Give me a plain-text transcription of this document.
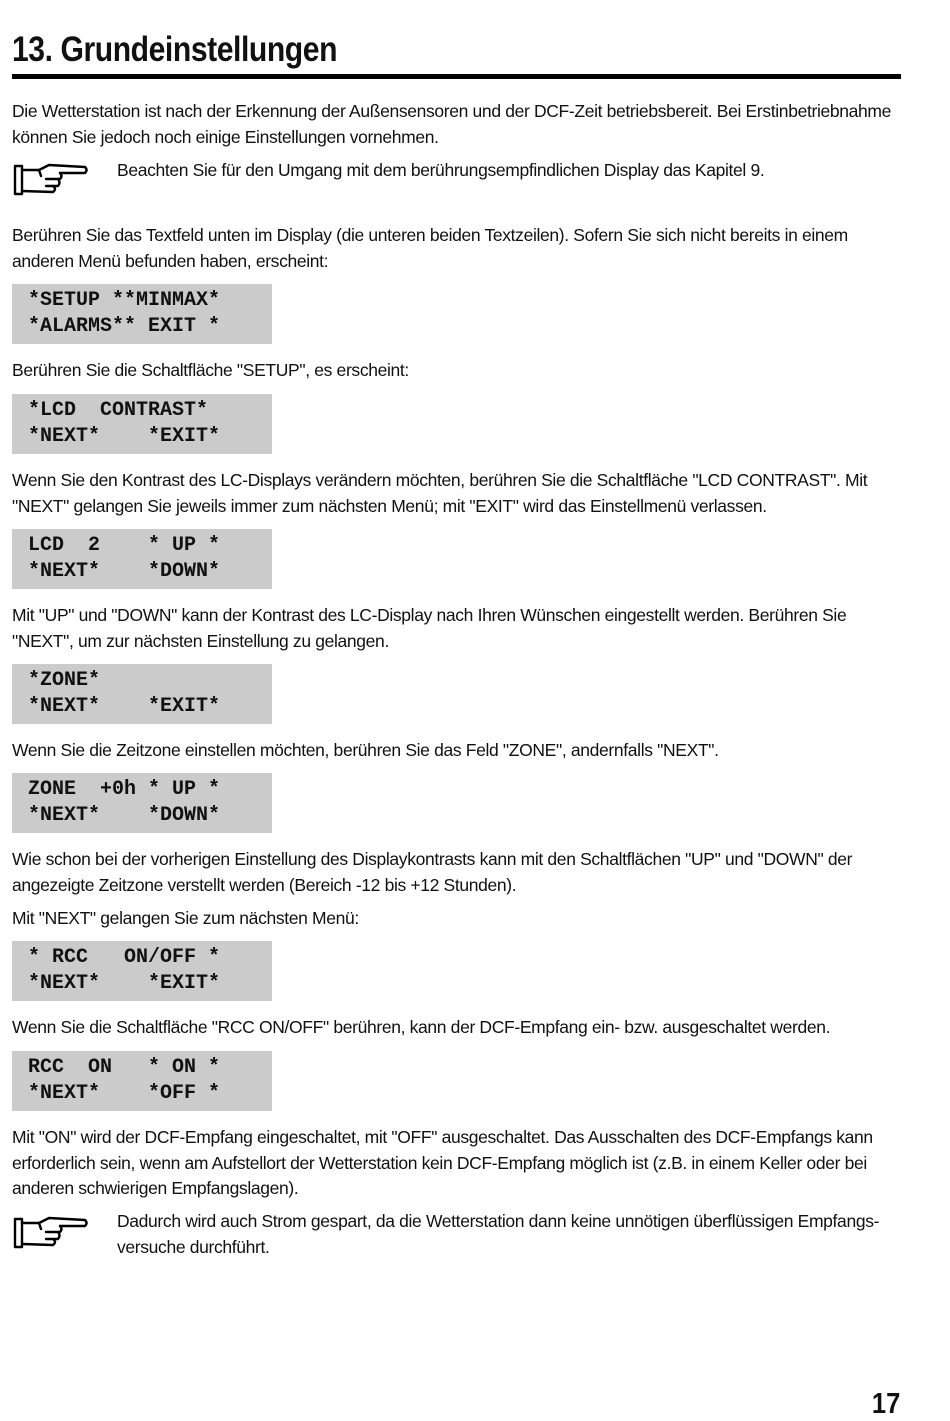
13. Grundeinstellungen

Die Wetterstation ist nach der Erkennung der Außensensoren und der DCF-Zeit betriebsbereit. Bei Erstinbetriebnahme können Sie jedoch noch einige Einstellungen vornehmen.

Beachten Sie für den Umgang mit dem berührungsempfindlichen Display das Kapitel 9.

Berühren Sie das Textfeld unten im Display (die unteren beiden Textzeilen). Sofern Sie sich nicht bereits in einem anderen Menü befunden haben, erscheint:

*SETUP **MINMAX*
*ALARMS** EXIT *

Berühren Sie die Schaltfläche "SETUP", es erscheint:

*LCD  CONTRAST*
*NEXT*    *EXIT*

Wenn Sie den Kontrast des LC-Displays verändern möchten, berühren Sie die Schaltfläche "LCD CONTRAST". Mit "NEXT" gelangen Sie jeweils immer zum nächsten Menü; mit "EXIT" wird das Einstellmenü verlassen.

LCD  2    * UP *
*NEXT*    *DOWN*

Mit "UP" und "DOWN" kann der Kontrast des LC-Display nach Ihren Wünschen eingestellt werden. Berühren Sie "NEXT", um zur nächsten Einstellung zu gelangen.

*ZONE*
*NEXT*    *EXIT*

Wenn Sie die Zeitzone einstellen möchten, berühren Sie das Feld "ZONE", andernfalls "NEXT".

ZONE  +0h * UP *
*NEXT*    *DOWN*

Wie schon bei der vorherigen Einstellung des Displaykontrasts kann mit den Schaltflächen "UP" und "DOWN" der angezeigte Zeitzone verstellt werden (Bereich -12 bis +12 Stunden).

Mit "NEXT" gelangen Sie zum nächsten Menü:

* RCC   ON/OFF *
*NEXT*    *EXIT*

Wenn Sie die Schaltfläche "RCC ON/OFF" berühren, kann der DCF-Empfang ein- bzw. ausgeschaltet werden.

RCC  ON   * ON *
*NEXT*    *OFF *

Mit "ON" wird der DCF-Empfang eingeschaltet, mit "OFF" ausgeschaltet. Das Ausschalten des DCF-Empfangs kann erforderlich sein, wenn am Aufstellort der Wetterstation kein DCF-Empfang möglich ist (z.B. in einem Keller oder bei anderen schwierigen Empfangslagen).

Dadurch wird auch Strom gespart, da die Wetterstation dann keine unnötigen überflüssigen Empfangs-versuche durchführt.

17
